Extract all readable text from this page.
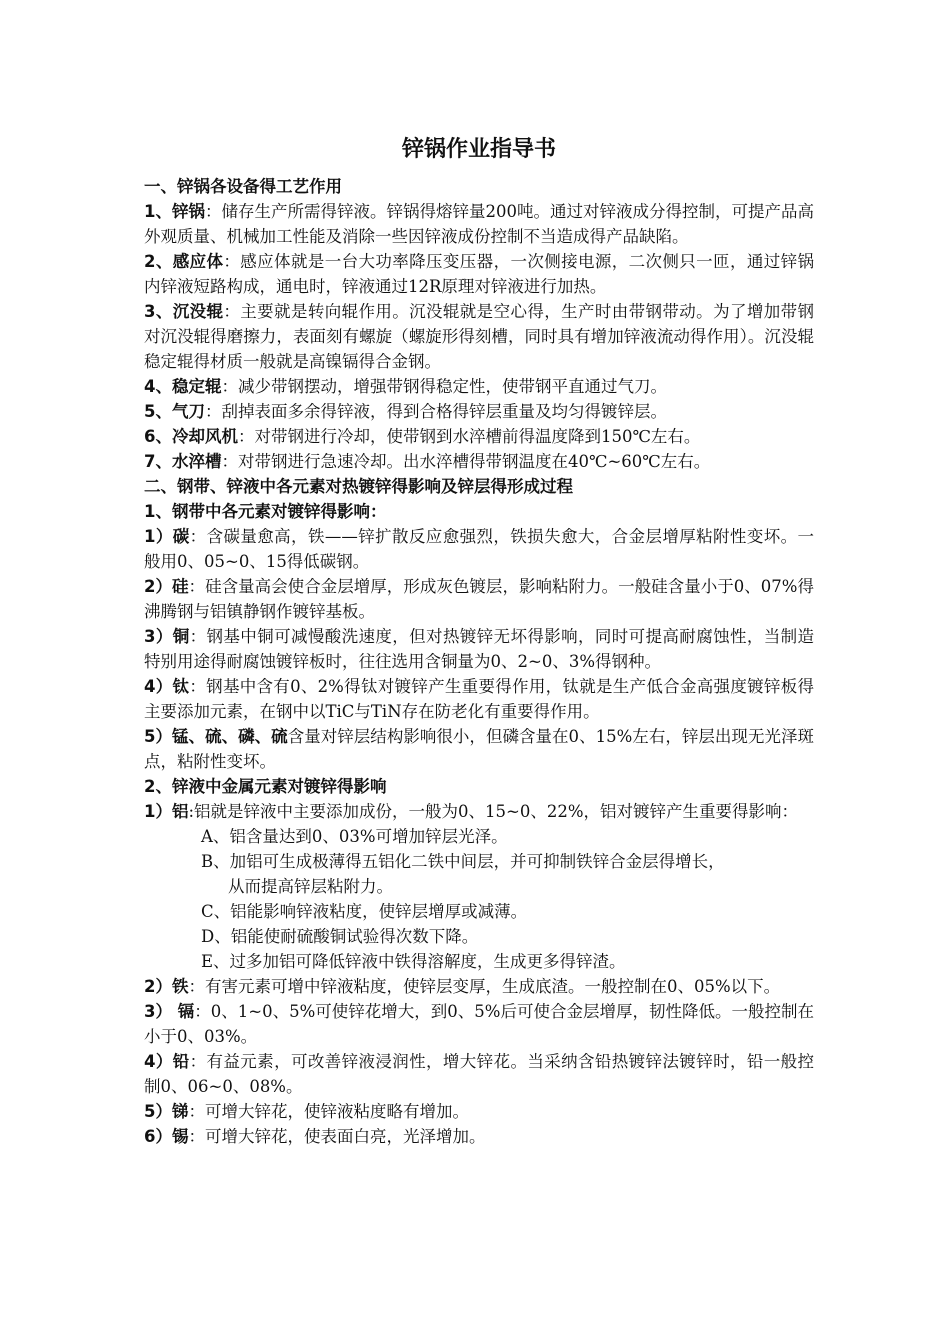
锌锅作业指导书
一、锌锅各设备得工艺作用
1、锌锅：储存生产所需得锌液。锌锅得熔锌量200吨。通过对锌液成分得控制，可提产品高外观质量、机械加工性能及消除一些因锌液成份控制不当造成得产品缺陷。
2、感应体：感应体就是一台大功率降压变压器，一次侧接电源，二次侧只一匝，通过锌锅内锌液短路构成，通电时，锌液通过12R原理对锌液进行加热。
3、沉没辊：主要就是转向辊作用。沉没辊就是空心得，生产时由带钢带动。为了增加带钢对沉没辊得磨擦力，表面刻有螺旋（螺旋形得刻槽，同时具有增加锌液流动得作用）。沉没辊稳定辊得材质一般就是高镍镉得合金钢。
4、稳定辊：减少带钢摆动，增强带钢得稳定性，使带钢平直通过气刀。
5、气刀：刮掉表面多余得锌液，得到合格得锌层重量及均匀得镀锌层。
6、冷却风机：对带钢进行冷却，使带钢到水淬槽前得温度降到150℃左右。
7、水淬槽：对带钢进行急速冷却。出水淬槽得带钢温度在40℃~60℃左右。
二、钢带、锌液中各元素对热镀锌得影响及锌层得形成过程
1、钢带中各元素对镀锌得影响：
1）碳：含碳量愈高，铁——锌扩散反应愈强烈，铁损失愈大，合金层增厚粘附性变坏。一般用0、05~0、15得低碳钢。
2）硅：硅含量高会使合金层增厚，形成灰色镀层，影响粘附力。一般硅含量小于0、07%得沸腾钢与铝镇静钢作镀锌基板。
3）铜：钢基中铜可减慢酸洗速度，但对热镀锌无坏得影响，同时可提高耐腐蚀性，当制造特别用途得耐腐蚀镀锌板时，往往选用含铜量为0、2~0、3%得钢种。
4）钛：钢基中含有0、2%得钛对镀锌产生重要得作用，钛就是生产低合金高强度镀锌板得主要添加元素，在钢中以TiC与TiN存在防老化有重要得作用。
5）锰、硫、磷、硫含量对锌层结构影响很小，但磷含量在0、15%左右，锌层出现无光泽斑点，粘附性变坏。
2、锌液中金属元素对镀锌得影响
1）铝:铝就是锌液中主要添加成份，一般为0、15~0、22%，铝对镀锌产生重要得影响：
A、铝含量达到0、03%可增加锌层光泽。
B、加铝可生成极薄得五铝化二铁中间层，并可抑制铁锌合金层得增长，
从而提高锌层粘附力。
C、铝能影响锌液粘度，使锌层增厚或减薄。
D、铝能使耐硫酸铜试验得次数下降。
E、过多加铝可降低锌液中铁得溶解度，生成更多得锌渣。
2）铁：有害元素可增中锌液粘度，使锌层变厚，生成底渣。一般控制在0、05%以下。
3） 镉：0、1~0、5%可使锌花增大，到0、5%后可使合金层增厚，韧性降低。一般控制在小于0、03%。
4）铅：有益元素，可改善锌液浸润性，增大锌花。当采纳含铅热镀锌法镀锌时，铅一般控制0、06~0、08%。
5）锑：可增大锌花，使锌液粘度略有增加。
6）锡：可增大锌花，使表面白亮，光泽增加。
